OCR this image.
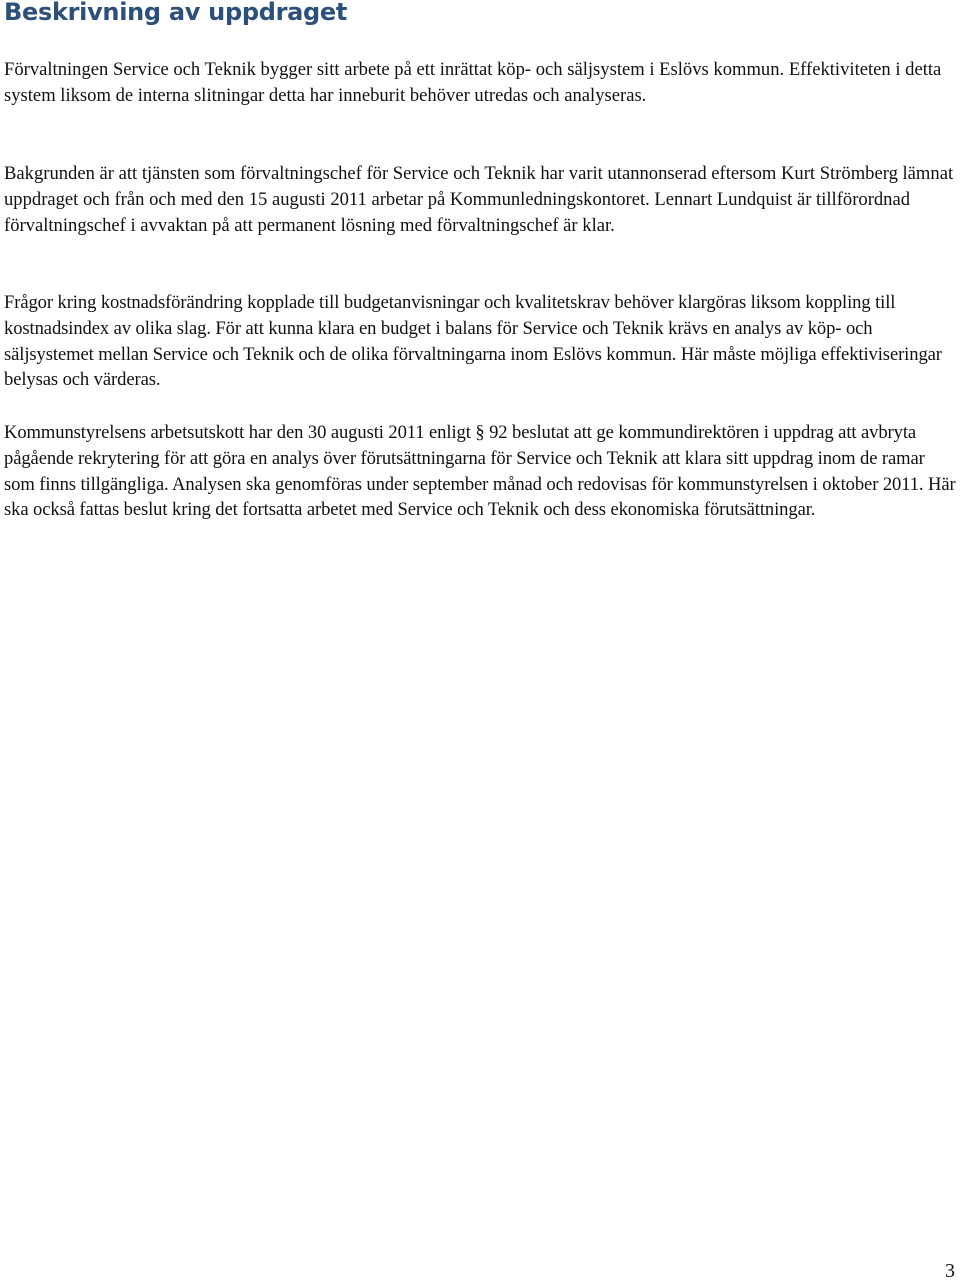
Beskrivning av uppdraget

Förvaltningen Service och Teknik bygger sitt arbete på ett inrättat köp- och säljsystem i Eslövs kommun. Effektiviteten i detta system liksom de interna slitningar detta har inneburit behöver utredas och analyseras.

Bakgrunden är att tjänsten som förvaltningschef för Service och Teknik har varit utannonserad eftersom Kurt Strömberg lämnat uppdraget och från och med den 15 augusti 2011 arbetar på Kommunledningskontoret. Lennart Lundquist är tillförordnad förvaltningschef i avvaktan på att permanent lösning med förvaltningschef är klar.

Frågor kring kostnadsförändring kopplade till budgetanvisningar och kvalitetskrav behöver klargöras liksom koppling till kostnadsindex av olika slag. För att kunna klara en budget i balans för Service och Teknik krävs en analys av köp- och säljsystemet mellan Service och Teknik och de olika förvaltningarna inom Eslövs kommun. Här måste möjliga effektiviseringar belysas och värderas.

Kommunstyrelsens arbetsutskott har den 30 augusti 2011 enligt § 92 beslutat att ge kommundirektören i uppdrag att avbryta pågående rekrytering för att göra en analys över förutsättningarna för Service och Teknik att klara sitt uppdrag inom de ramar som finns tillgängliga. Analysen ska genomföras under september månad och redovisas för kommunstyrelsen i oktober 2011. Här ska också fattas beslut kring det fortsatta arbetet med Service och Teknik och dess ekonomiska förutsättningar.

3
